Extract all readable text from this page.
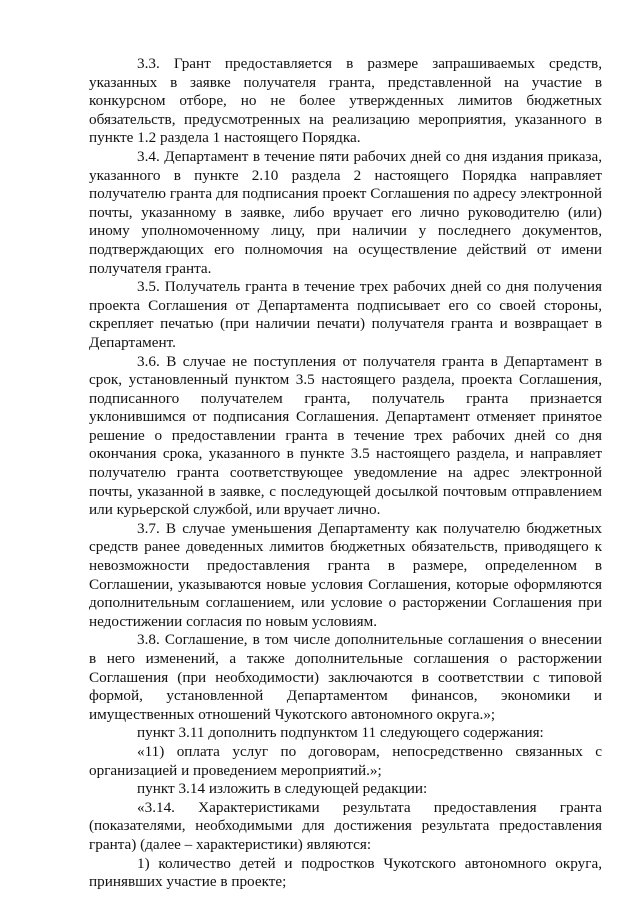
3.3. Грант предоставляется в размере запрашиваемых средств, указанных в заявке получателя гранта, представленной на участие в конкурсном отборе, но не более утвержденных лимитов бюджетных обязательств, предусмотренных на реализацию мероприятия, указанного в пункте 1.2 раздела 1 настоящего Порядка.

3.4. Департамент в течение пяти рабочих дней со дня издания приказа, указанного в пункте 2.10 раздела 2 настоящего Порядка направляет получателю гранта для подписания проект Соглашения по адресу электронной почты, указанному в заявке, либо вручает его лично руководителю (или) иному уполномоченному лицу, при наличии у последнего документов, подтверждающих его полномочия на осуществление действий от имени получателя гранта.

3.5. Получатель гранта в течение трех рабочих дней со дня получения проекта Соглашения от Департамента подписывает его со своей стороны, скрепляет печатью (при наличии печати) получателя гранта и возвращает в Департамент.

3.6. В случае не поступления от получателя гранта в Департамент в срок, установленный пунктом 3.5 настоящего раздела, проекта Соглашения, подписанного получателем гранта, получатель гранта признается уклонившимся от подписания Соглашения. Департамент отменяет принятое решение о предоставлении гранта в течение трех рабочих дней со дня окончания срока, указанного в пункте 3.5 настоящего раздела, и направляет получателю гранта соответствующее уведомление на адрес электронной почты, указанной в заявке, с последующей досылкой почтовым отправлением или курьерской службой, или вручает лично.

3.7. В случае уменьшения Департаменту как получателю бюджетных средств ранее доведенных лимитов бюджетных обязательств, приводящего к невозможности предоставления гранта в размере, определенном в Соглашении, указываются новые условия Соглашения, которые оформляются дополнительным соглашением, или условие о расторжении Соглашения при недостижении согласия по новым условиям.

3.8. Соглашение, в том числе дополнительные соглашения о внесении в него изменений, а также дополнительные соглашения о расторжении Соглашения (при необходимости) заключаются в соответствии с типовой формой, установленной Департаментом финансов, экономики и имущественных отношений Чукотского автономного округа.»;

пункт 3.11 дополнить подпунктом 11 следующего содержания:

«11) оплата услуг по договорам, непосредственно связанных с организацией и проведением мероприятий.»;

пункт 3.14 изложить в следующей редакции:

«3.14. Характеристиками результата предоставления гранта (показателями, необходимыми для достижения результата предоставления гранта) (далее – характеристики) являются:

1) количество детей и подростков Чукотского автономного округа, принявших участие в проекте;
